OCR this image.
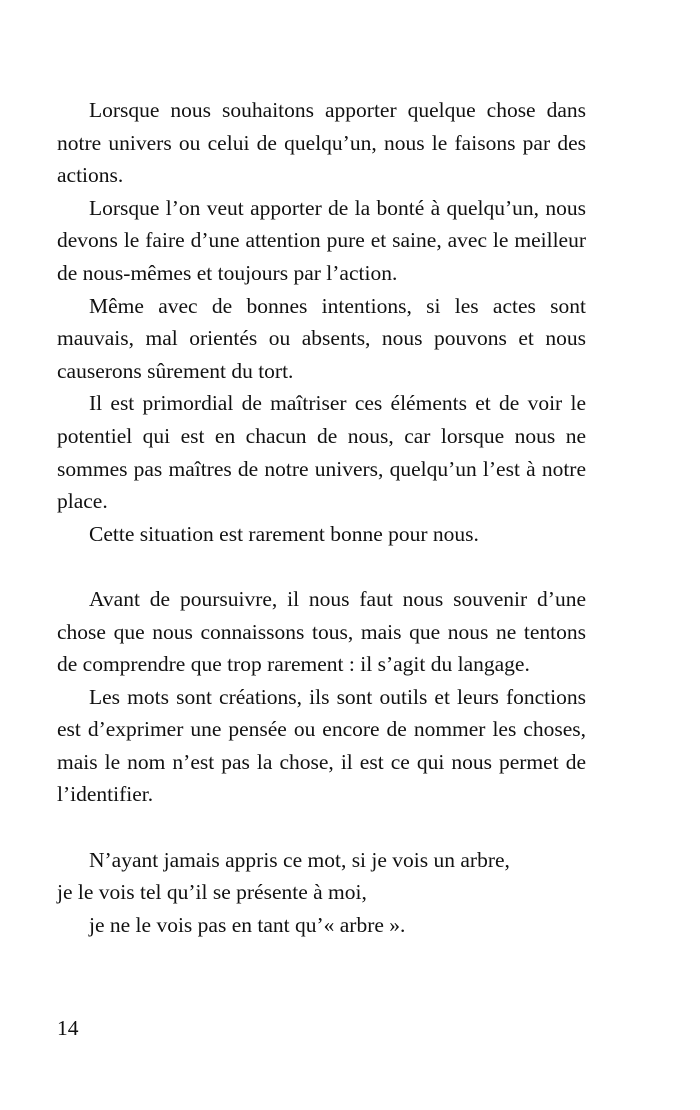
Lorsque nous souhaitons apporter quelque chose dans notre univers ou celui de quelqu’un, nous le faisons par des actions.

Lorsque l’on veut apporter de la bonté à quelqu’un, nous devons le faire d’une attention pure et saine, avec le meilleur de nous-mêmes et toujours par l’action.

Même avec de bonnes intentions, si les actes sont mauvais, mal orientés ou absents, nous pouvons et nous causerons sûrement du tort.

Il est primordial de maîtriser ces éléments et de voir le potentiel qui est en chacun de nous, car lorsque nous ne sommes pas maîtres de notre univers, quelqu’un l’est à notre place.

Cette situation est rarement bonne pour nous.

Avant de poursuivre, il nous faut nous souvenir d’une chose que nous connaissons tous, mais que nous ne tentons de comprendre que trop rarement : il s’agit du langage.

Les mots sont créations, ils sont outils et leurs fonctions est d’exprimer une pensée ou encore de nommer les choses, mais le nom n’est pas la chose, il est ce qui nous permet de l’identifier.

N’ayant jamais appris ce mot, si je vois un arbre,

je le vois tel qu’il se présente à moi,

je ne le vois pas en tant qu’« arbre ».

14
